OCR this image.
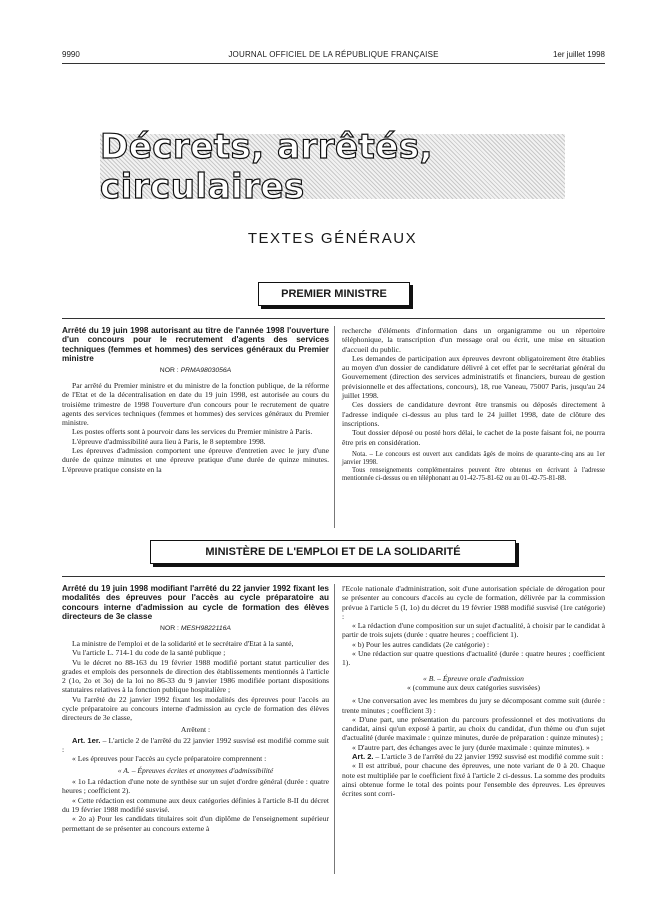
9990	JOURNAL OFFICIEL DE LA RÉPUBLIQUE FRANÇAISE	1er juillet 1998
Décrets, arrêtés, circulaires
TEXTES GÉNÉRAUX
PREMIER MINISTRE

Arrêté du 19 juin 1998 autorisant au titre de l'année 1998 l'ouverture d'un concours pour le recrutement d'agents des services techniques (femmes et hommes) des services généraux du Premier ministre

NOR : PRMA9803056A

Par arrêté du Premier ministre et du ministre de la fonction publique, de la réforme de l'Etat et de la décentralisation en date du 19 juin 1998, est autorisée au cours du troisième trimestre de 1998 l'ouverture d'un concours pour le recrutement de quatre agents des services techniques (femmes et hommes) des services généraux du Premier ministre.

Les postes offerts sont à pourvoir dans les services du Premier ministre à Paris.

L'épreuve d'admissibilité aura lieu à Paris, le 8 septembre 1998.

Les épreuves d'admission comportent une épreuve d'entretien avec le jury d'une durée de quinze minutes et une épreuve pratique d'une durée de quinze minutes. L'épreuve pratique consiste en la

recherche d'éléments d'information dans un organigramme ou un répertoire téléphonique, la transcription d'un message oral ou écrit, une mise en situation d'accueil du public.

Les demandes de participation aux épreuves devront obligatoirement être établies au moyen d'un dossier de candidature délivré à cet effet par le secrétariat général du Gouvernement (direction des services administratifs et financiers, bureau de gestion prévisionnelle et des affectations, concours), 18, rue Vaneau, 75007 Paris, jusqu'au 24 juillet 1998.

Ces dossiers de candidature devront être transmis ou déposés directement à l'adresse indiquée ci-dessus au plus tard le 24 juillet 1998, date de clôture des inscriptions.

Tout dossier déposé ou posté hors délai, le cachet de la poste faisant foi, ne pourra être pris en considération.

Nota. – Le concours est ouvert aux candidats âgés de moins de quarante-cinq ans au 1er janvier 1998.

Tous renseignements complémentaires peuvent être obtenus en écrivant à l'adresse mentionnée ci-dessus ou en téléphonant au 01-42-75-81-62 ou au 01-42-75-81-88.

MINISTÈRE DE L'EMPLOI ET DE LA SOLIDARITÉ

Arrêté du 19 juin 1998 modifiant l'arrêté du 22 janvier 1992 fixant les modalités des épreuves pour l'accès au cycle préparatoire au concours interne d'admission au cycle de formation des élèves directeurs de 3e classe

NOR : MESH9822116A

La ministre de l'emploi et de la solidarité et le secrétaire d'Etat à la santé,

Vu l'article L. 714-1 du code de la santé publique ;

Vu le décret no 88-163 du 19 février 1988 modifié portant statut particulier des grades et emplois des personnels de direction des établissements mentionnés à l'article 2 (1o, 2o et 3o) de la loi no 86-33 du 9 janvier 1986 modifiée portant dispositions statutaires relatives à la fonction publique hospitalière ;

Vu l'arrêté du 22 janvier 1992 fixant les modalités des épreuves pour l'accès au cycle préparatoire au concours interne d'admission au cycle de formation des élèves directeurs de 3e classe,

Arrêtent :

Art. 1er. – L'article 2 de l'arrêté du 22 janvier 1992 susvisé est modifié comme suit :

« Les épreuves pour l'accès au cycle préparatoire comprennent :

« A. – Épreuves écrites et anonymes d'admissibilité

« 1o La rédaction d'une note de synthèse sur un sujet d'ordre général (durée : quatre heures ; coefficient 2).

« Cette rédaction est commune aux deux catégories définies à l'article 8-II du décret du 19 février 1988 modifié susvisé.

« 2o a) Pour les candidats titulaires soit d'un diplôme de l'enseignement supérieur permettant de se présenter au concours externe à

l'Ecole nationale d'administration, soit d'une autorisation spéciale de dérogation pour se présenter au concours d'accès au cycle de formation, délivrée par la commission prévue à l'article 5 (I, 1o) du décret du 19 février 1988 modifié susvisé (1re catégorie) :

« La rédaction d'une composition sur un sujet d'actualité, à choisir par le candidat à partir de trois sujets (durée : quatre heures ; coefficient 1).

« b) Pour les autres candidats (2e catégorie) :

« Une rédaction sur quatre questions d'actualité (durée : quatre heures ; coefficient 1).

« B. – Épreuve orale d'admission

« (commune aux deux catégories susvisées)

« Une conversation avec les membres du jury se décomposant comme suit (durée : trente minutes ; coefficient 3) :

« D'une part, une présentation du parcours professionnel et des motivations du candidat, ainsi qu'un exposé à partir, au choix du candidat, d'un thème ou d'un sujet d'actualité (durée maximale : quinze minutes, durée de préparation : quinze minutes) ;

« D'autre part, des échanges avec le jury (durée maximale : quinze minutes). »

Art. 2. – L'article 3 de l'arrêté du 22 janvier 1992 susvisé est modifié comme suit :

« Il est attribué, pour chacune des épreuves, une note variant de 0 à 20. Chaque note est multipliée par le coefficient fixé à l'article 2 ci-dessus. La somme des produits ainsi obtenue forme le total des points pour l'ensemble des épreuves. Les épreuves écrites sont corri-
